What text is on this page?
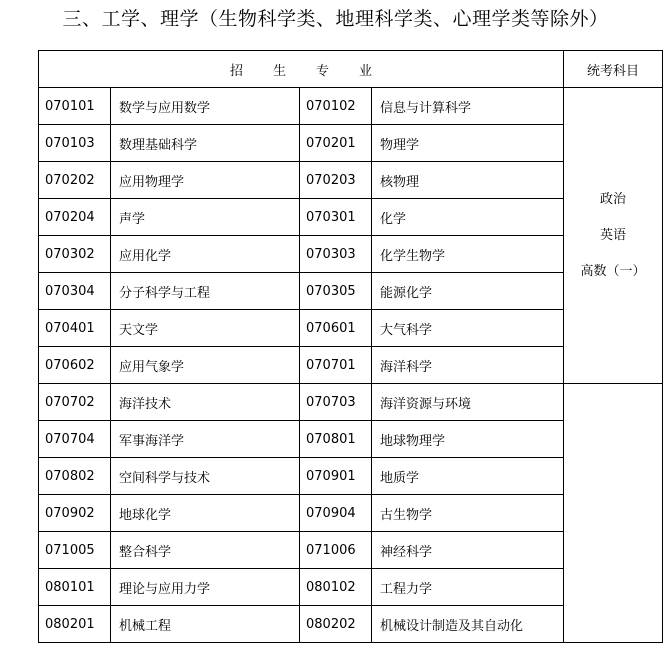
三、工学、理学（生物科学类、地理科学类、心理学类等除外）
招生专业				统考科目
070101	数学与应用数学	070102	信息与计算科学	政治
英语
高数（一）

070103	数理基础科学	070201	物理学	
070202	应用物理学	070203	核物理	
070204	声学	070301	化学	
070302	应用化学	070303	化学生物学	
070304	分子科学与工程	070305	能源化学	
070401	天文学	070601	大气科学	
070602	应用气象学	070701	海洋科学	
070702	海洋技术	070703	海洋资源与环境	
070704	军事海洋学	070801	地球物理学	
070802	空间科学与技术	070901	地质学	
070902	地球化学	070904	古生物学	
071005	整合科学	071006	神经科学	
080101	理论与应用力学	080102	工程力学	
080201	机械工程	080202	机械设计制造及其自动化	
